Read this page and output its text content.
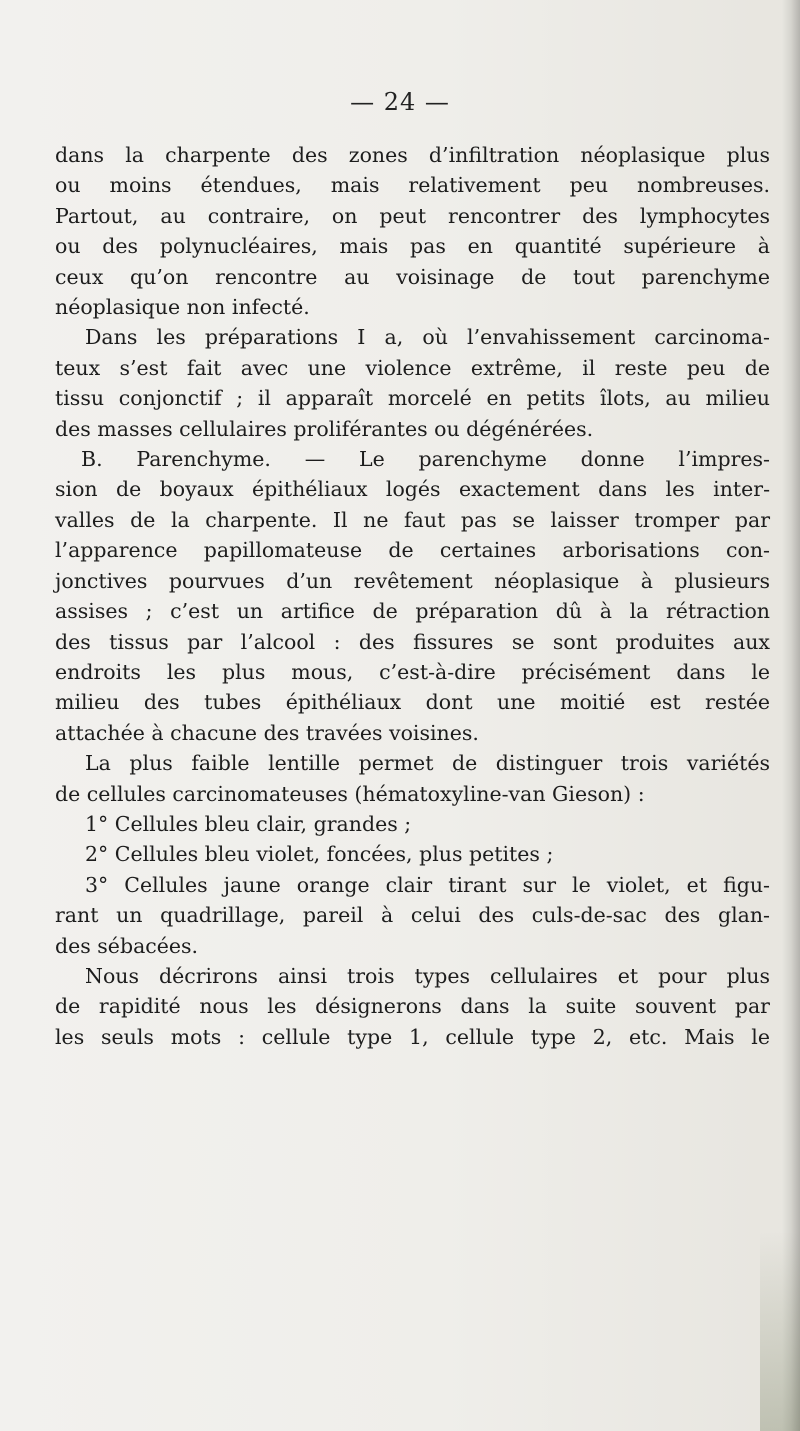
— 24 —

dans la charpente des zones d’infiltration néoplasique plus
ou moins étendues, mais relativement peu nombreuses.
Partout, au contraire, on peut rencontrer des lymphocytes
ou des polynucléaires, mais pas en quantité supérieure à
ceux qu’on rencontre au voisinage de tout parenchyme
néoplasique non infecté.

Dans les préparations I a, où l’envahissement carcinoma-
teux s’est fait avec une violence extrême, il reste peu de
tissu conjonctif ; il apparaît morcelé en petits îlots, au milieu
des masses cellulaires proliférantes ou dégénérées.

B. Parenchyme. — Le parenchyme donne l’impres-
sion de boyaux épithéliaux logés exactement dans les inter-
valles de la charpente. Il ne faut pas se laisser tromper par
l’apparence papillomateuse de certaines arborisations con-
jonctives pourvues d’un revêtement néoplasique à plusieurs
assises ; c’est un artifice de préparation dû à la rétraction
des tissus par l’alcool : des fissures se sont produites aux
endroits les plus mous, c’est-à-dire précisément dans le
milieu des tubes épithéliaux dont une moitié est restée
attachée à chacune des travées voisines.

La plus faible lentille permet de distinguer trois variétés
de cellules carcinomateuses (hématoxyline-van Gieson) :

1° Cellules bleu clair, grandes ;

2° Cellules bleu violet, foncées, plus petites ;

3° Cellules jaune orange clair tirant sur le violet, et figu-
rant un quadrillage, pareil à celui des culs-de-sac des glan-
des sébacées.

Nous décrirons ainsi trois types cellulaires et pour plus
de rapidité nous les désignerons dans la suite souvent par
les seuls mots : cellule type 1, cellule type 2, etc. Mais le
